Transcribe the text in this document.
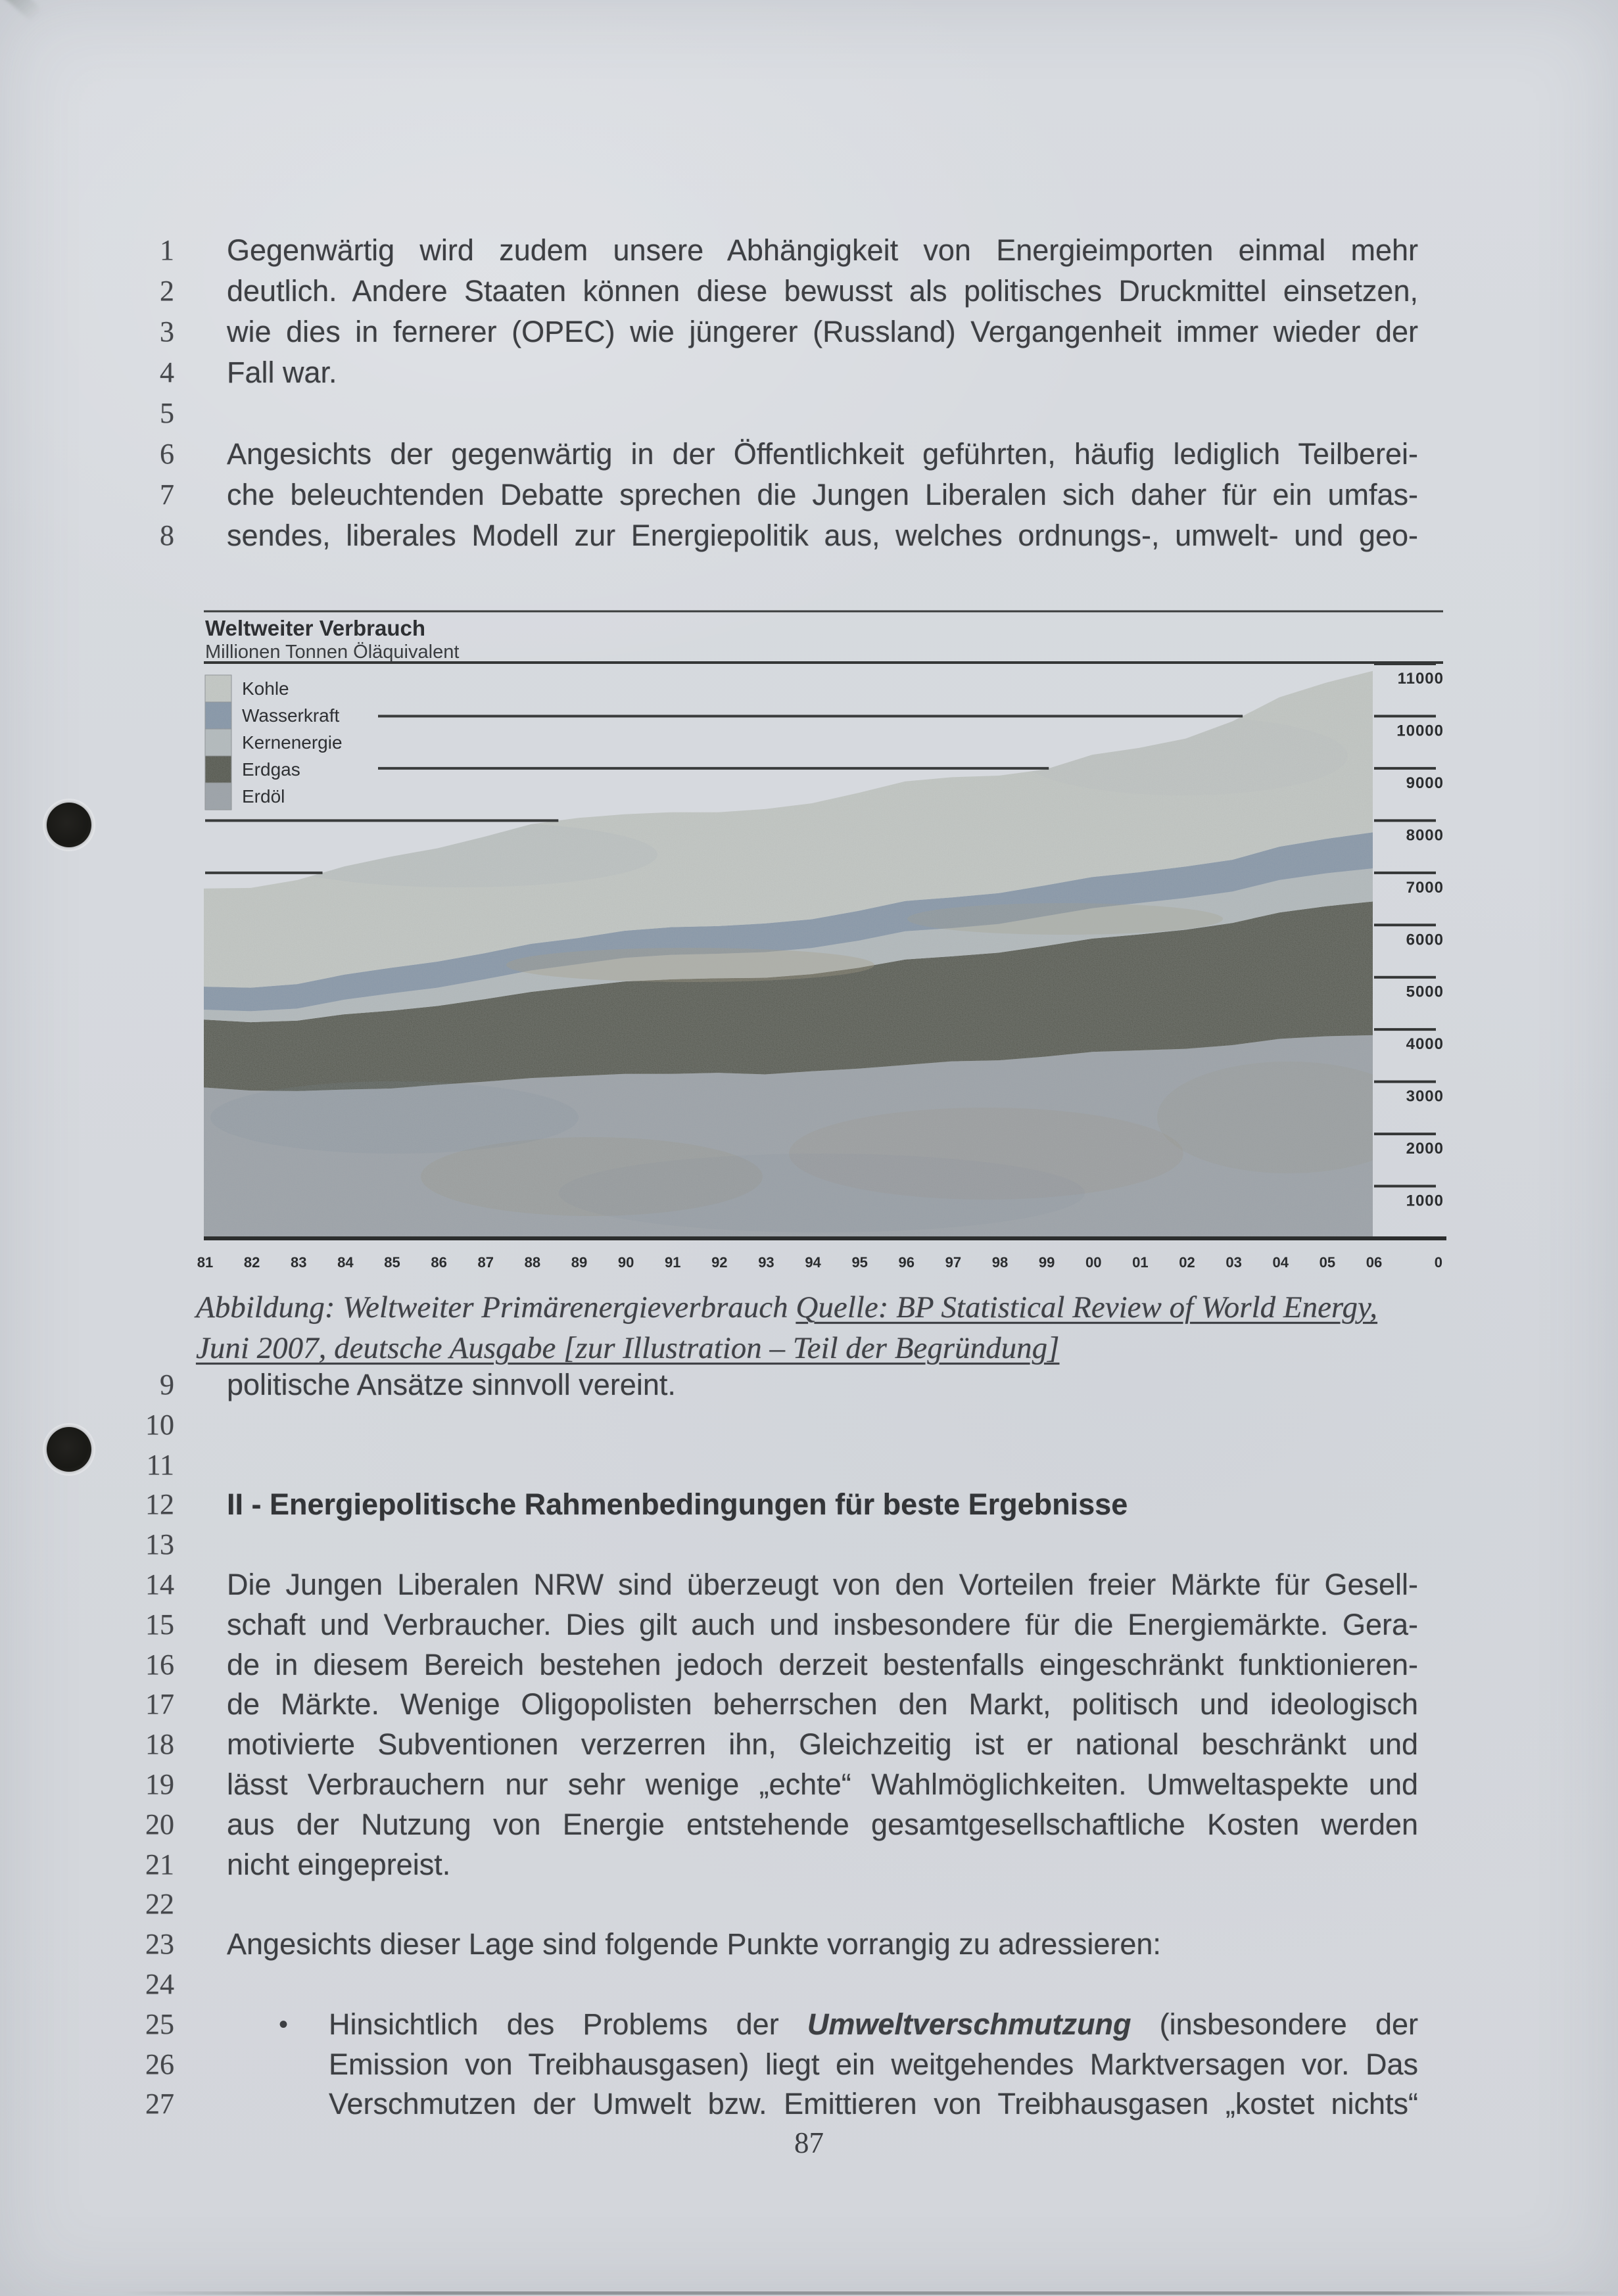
1 Gegenwärtig wird zudem unsere Abhängigkeit von Energieimporten einmal mehr
2 deutlich. Andere Staaten können diese bewusst als politisches Druckmittel einsetzen,
3 wie dies in fernerer (OPEC) wie jüngerer (Russland) Vergangenheit immer wieder der
4 Fall war.
5
6 Angesichts der gegenwärtig in der Öffentlichkeit geführten, häufig lediglich Teilberei-
7 che beleuchtenden Debatte sprechen die Jungen Liberalen sich daher für ein umfas-
8 sendes, liberales Modell zur Energiepolitik aus, welches ordnungs-, umwelt- und geo-
9 politische Ansätze sinnvoll vereint.
10
11
12 II - Energiepolitische Rahmenbedingungen für beste Ergebnisse
13
14 Die Jungen Liberalen NRW sind überzeugt von den Vorteilen freier Märkte für Gesell-
15 schaft und Verbraucher. Dies gilt auch und insbesondere für die Energiemärkte. Gera-
16 de in diesem Bereich bestehen jedoch derzeit bestenfalls eingeschränkt funktionieren-
17 de Märkte. Wenige Oligopolisten beherrschen den Markt, politisch und ideologisch
18 motivierte Subventionen verzerren ihn, Gleichzeitig ist er national beschränkt und
19 lässt Verbrauchern nur sehr wenige „echte“ Wahlmöglichkeiten. Umweltaspekte und
20 aus der Nutzung von Energie entstehende gesamtgesellschaftliche Kosten werden
21 nicht eingepreist.
22
23 Angesichts dieser Lage sind folgende Punkte vorrangig zu adressieren:
24
25	• Hinsichtlich des Problems der Umweltverschmutzung (insbesondere der
26	Emission von Treibhausgasen) liegt ein weitgehendes Marktversagen vor. Das
27	Verschmutzen der Umwelt bzw. Emittieren von Treibhausgasen „kostet nichts“
Weltweiter Verbrauch
Millionen Tonnen Öläquivalent
11000
10000
9000
8000
7000
6000
5000
4000
3000
2000
1000
81 82 83 84 85 86 87 88 89 90 91 92 93 94 95 96 97 98 99 00 01 02 03 04 05 06	0
Kohle
Wasserkraft
Kernenergie
Erdgas
Erdöl
Abbildung: Weltweiter Primärenergieverbrauch Quelle: BP Statistical Review of World Energy,
Juni 2007, deutsche Ausgabe [zur Illustration – Teil der Begründung]
87
